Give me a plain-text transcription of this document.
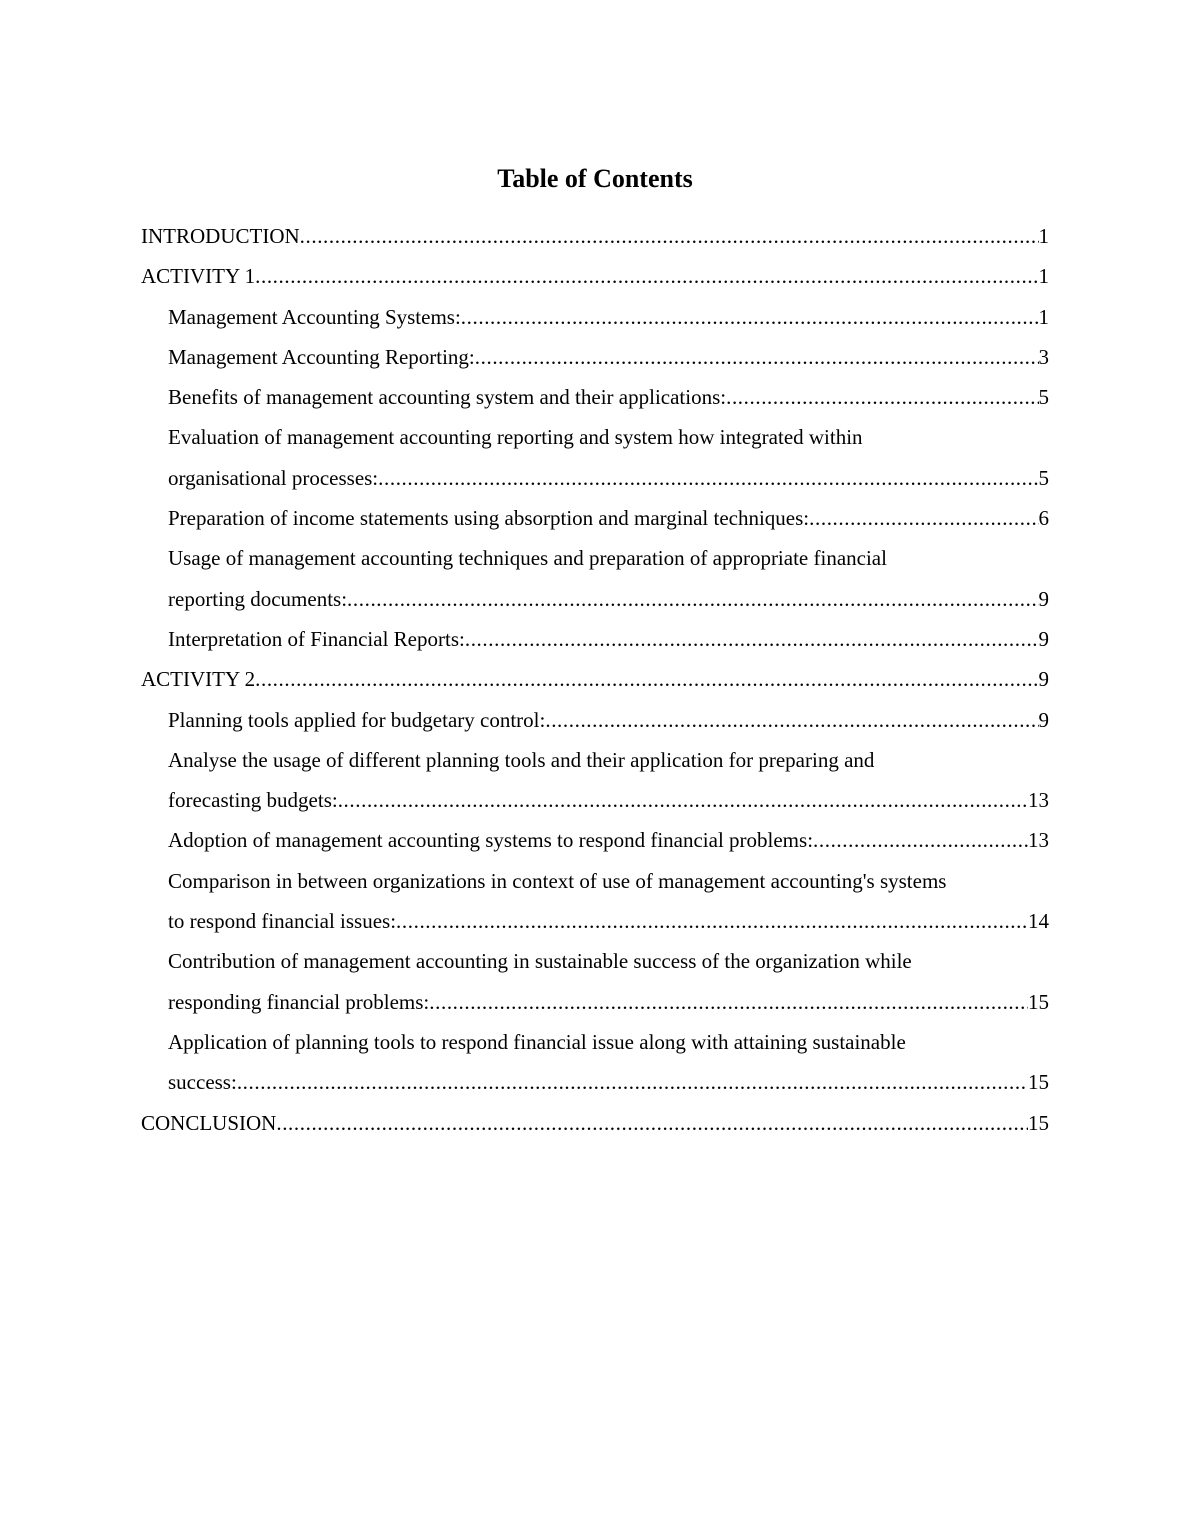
Table of Contents
INTRODUCTION .....	1
ACTIVITY 1 .....	1
Management Accounting Systems: .....	1
Management Accounting Reporting: .....	3
Benefits of management accounting system and their applications: .....	5
Evaluation of management accounting reporting and system how integrated within
organisational processes: .....	5
Preparation of income statements using absorption and marginal techniques: .....	6
Usage of management accounting techniques and preparation of appropriate financial
reporting documents: .....	9
Interpretation of Financial Reports: .....	9
ACTIVITY 2 .....	9
Planning tools applied for budgetary control: .....	9
Analyse the usage of different planning tools and their application for preparing and
forecasting budgets: .....	13
Adoption of management accounting systems to respond financial problems: .....	13
Comparison in between organizations in context of use of management accounting's systems
to respond financial issues: .....	14
Contribution of management accounting in sustainable success of the organization while
responding financial problems: .....	15
Application of planning tools to respond financial issue along with attaining sustainable
success: .....	15
CONCLUSION .....	15
